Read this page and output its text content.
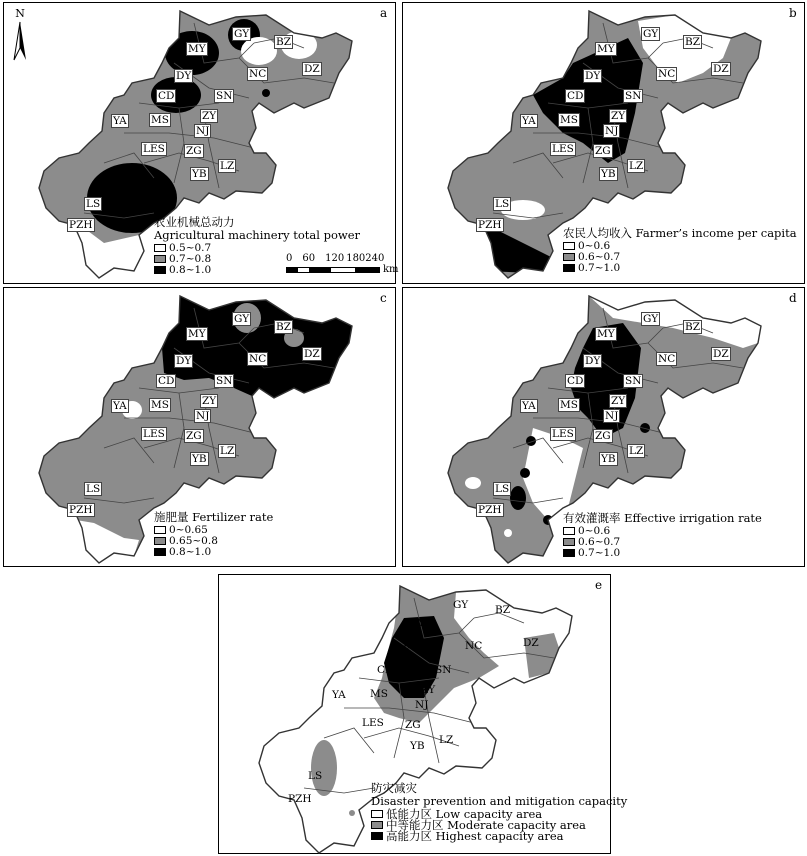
a
N
农业机械总动力
Agricultural machinery total power
0.5~0.7
0.7~0.8
0.8~1.0
0 60 120 180 240
km
MY
GY
BZ
NC	DZ
DY
CD	SN
YA MS	ZY
NJ
LES ZG
YB
LZ
LS
PZH
b
农民人均收入 Farmer’s income per capita
0~0.6
0.6~0.7
0.7~1.0
MY
GY
BZ
NC	DZ
DY
CD	SN
YA MS	ZY
NJ
LES ZG
YB
LZ
LS
PZH
c
施肥量 Fertilizer rate
0~0.65
0.65~0.8
0.8~1.0
MY
GY
BZ
NC	DZ
DY
CD	SN
YA MS	ZY
NJ
LES ZG
YB
LZ
LS
PZH
d
有效灌溉率 Effective irrigation rate
0~0.6
0.6~0.7
0.7~1.0
MY
GY
BZ
NC	DZ
DY
CD	SN
YA MS	ZY
NJ
LES ZG
YB
LZ
LS
PZH
e
防灾减灾
Disaster prevention and mitigation capacity
低能力区 Low capacity area
中等能力区 Moderate capacity area
高能力区 Highest capacity area
MY
GY	BZ
NC	DZ
DY
CD	SN
YA MS	ZY
NJ
LES ZG
YB LZ
LS
PZH
